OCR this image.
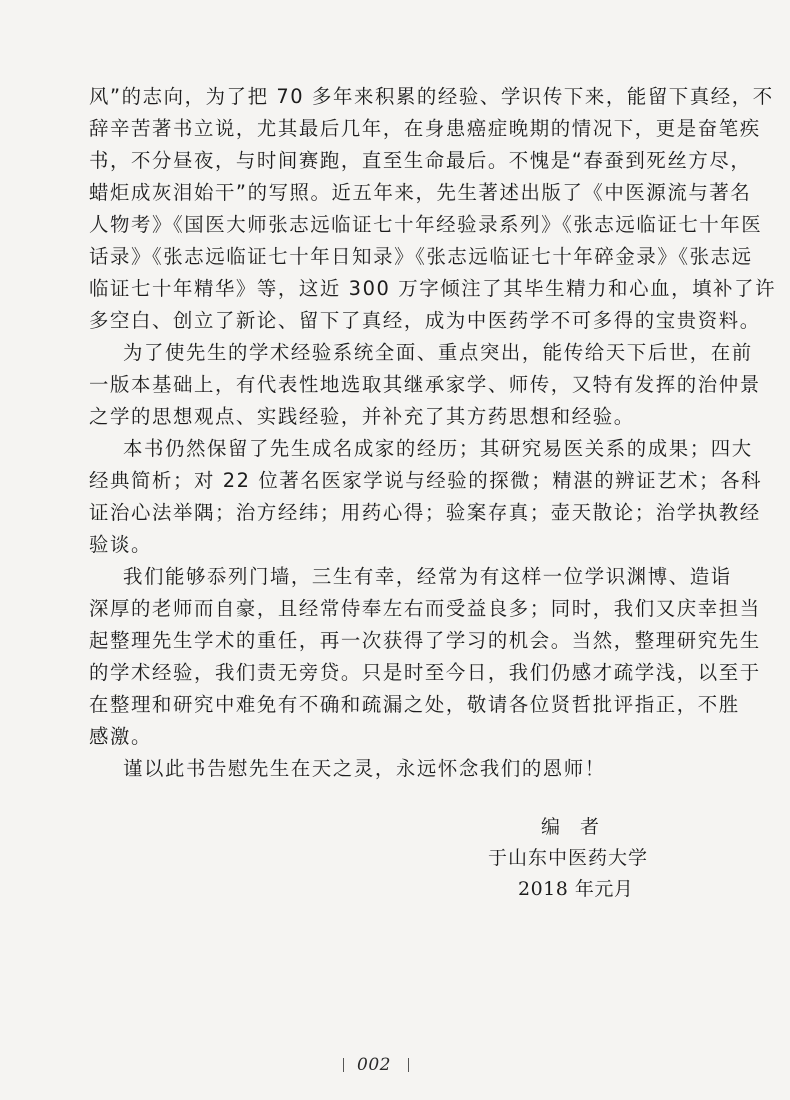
风”的志向，为了把 70 多年来积累的经验、学识传下来，能留下真经，不
辞辛苦著书立说，尤其最后几年，在身患癌症晚期的情况下，更是奋笔疾
书，不分昼夜，与时间赛跑，直至生命最后。不愧是“春蚕到死丝方尽，
蜡炬成灰泪始干”的写照。近五年来，先生著述出版了《中医源流与著名
人物考》《国医大师张志远临证七十年经验录系列》《张志远临证七十年医
话录》《张志远临证七十年日知录》《张志远临证七十年碎金录》《张志远
临证七十年精华》等，这近 300 万字倾注了其毕生精力和心血，填补了许
多空白、创立了新论、留下了真经，成为中医药学不可多得的宝贵资料。
为了使先生的学术经验系统全面、重点突出，能传给天下后世，在前
一版本基础上，有代表性地选取其继承家学、师传，又特有发挥的治仲景
之学的思想观点、实践经验，并补充了其方药思想和经验。
本书仍然保留了先生成名成家的经历；其研究易医关系的成果；四大
经典简析；对 22 位著名医家学说与经验的探微；精湛的辨证艺术；各科
证治心法举隅；治方经纬；用药心得；验案存真；壶天散论；治学执教经
验谈。
我们能够忝列门墙，三生有幸，经常为有这样一位学识渊博、造诣
深厚的老师而自豪，且经常侍奉左右而受益良多；同时，我们又庆幸担当
起整理先生学术的重任，再一次获得了学习的机会。当然，整理研究先生
的学术经验，我们责无旁贷。只是时至今日，我们仍感才疏学浅，以至于
在整理和研究中难免有不确和疏漏之处，敬请各位贤哲批评指正，不胜
感激。
谨以此书告慰先生在天之灵，永远怀念我们的恩师！
编者
于山东中医药大学
2018 年元月
002
